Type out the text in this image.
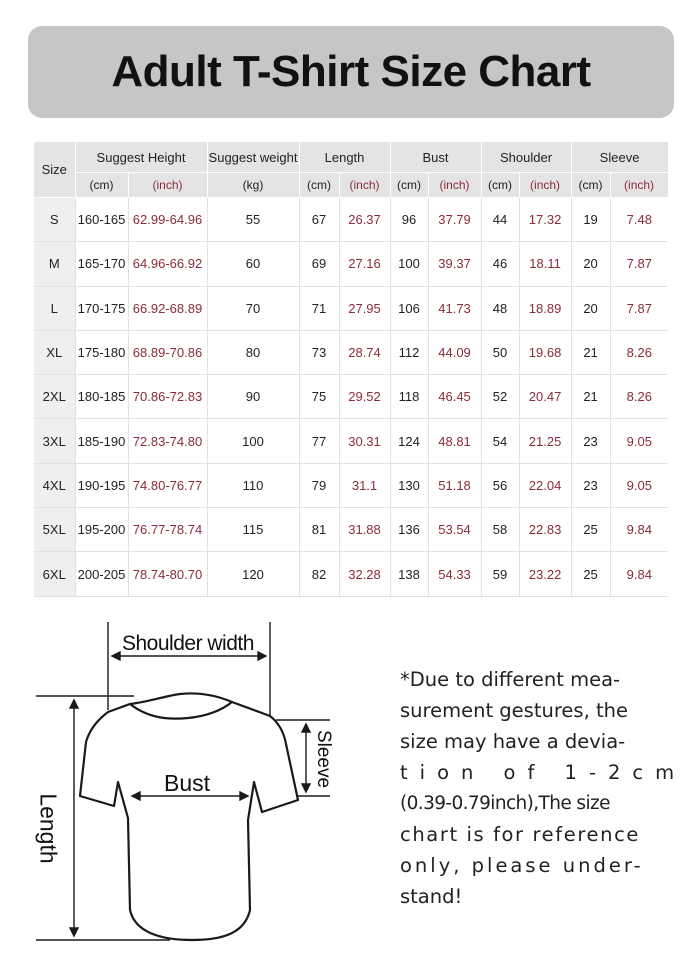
Adult T-Shirt Size Chart
Size	Suggest Height		Suggest weight	Length		Bust		Shoulder		Sleeve	
	(cm)	(inch)	(kg)	(cm)	(inch)	(cm)	(inch)	(cm)	(inch)	(cm)	(inch)
S	160-165	62.99-64.96	55	67	26.37	96	37.79	44	17.32	19	7.48
M	165-170	64.96-66.92	60	69	27.16	100	39.37	46	18.11	20	7.87
L	170-175	66.92-68.89	70	71	27.95	106	41.73	48	18.89	20	7.87
XL	175-180	68.89-70.86	80	73	28.74	112	44.09	50	19.68	21	8.26
2XL	180-185	70.86-72.83	90	75	29.52	118	46.45	52	20.47	21	8.26
3XL	185-190	72.83-74.80	100	77	30.31	124	48.81	54	21.25	23	9.05
4XL	190-195	74.80-76.77	110	79	31.1	130	51.18	56	22.04	23	9.05
5XL	195-200	76.77-78.74	115	81	31.88	136	53.54	58	22.83	25	9.84
6XL	200-205	78.74-80.70	120	82	32.28	138	54.33	59	23.22	25	9.84
Shoulder width
Bust
Length
Sleeve
*Due to different mea-
surement gestures, the
size may have a devia-
tion of 1-2cm
(0.39-0.79inch),The size
chart is for reference
only, please under-
stand!
